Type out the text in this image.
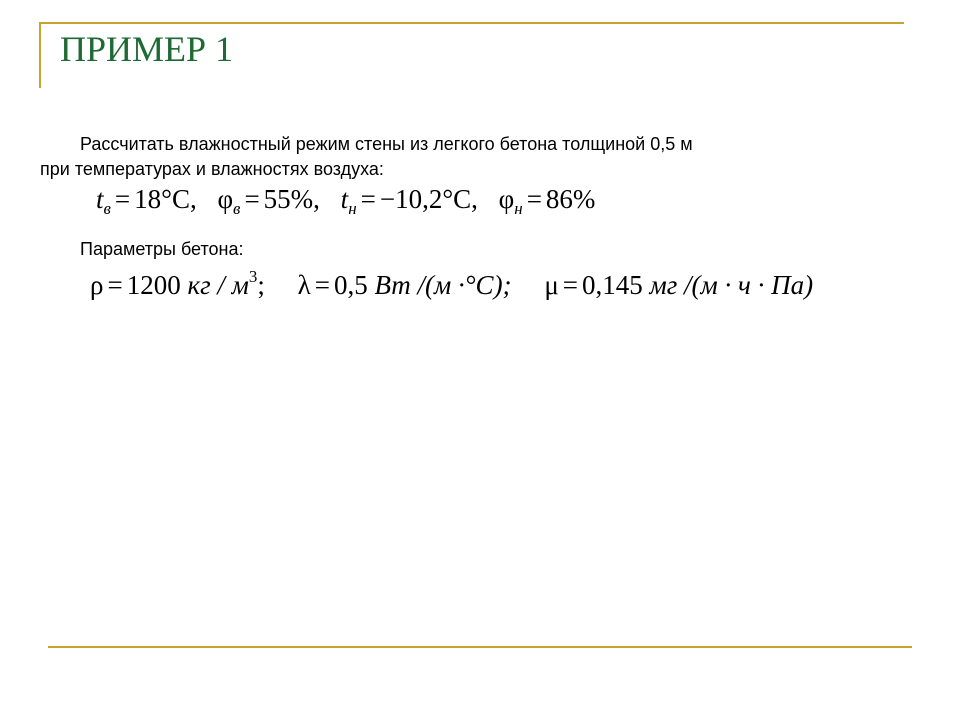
ПРИМЕР 1
Рассчитать влажностный режим стены из легкого бетона толщиной 0,5 м
при температурах и влажностях воздуха:
$t_в = 18^\circ C$, $\varphi_в = 55\%$, $t_н = -10,2^\circ C$, $\varphi_н = 86\%$
Параметры бетона:
ρ = 1200 кг / $м^3$; λ = 0,5 Вт /(м ·°C); μ = 0,145 мг /(м · ч · Па)
